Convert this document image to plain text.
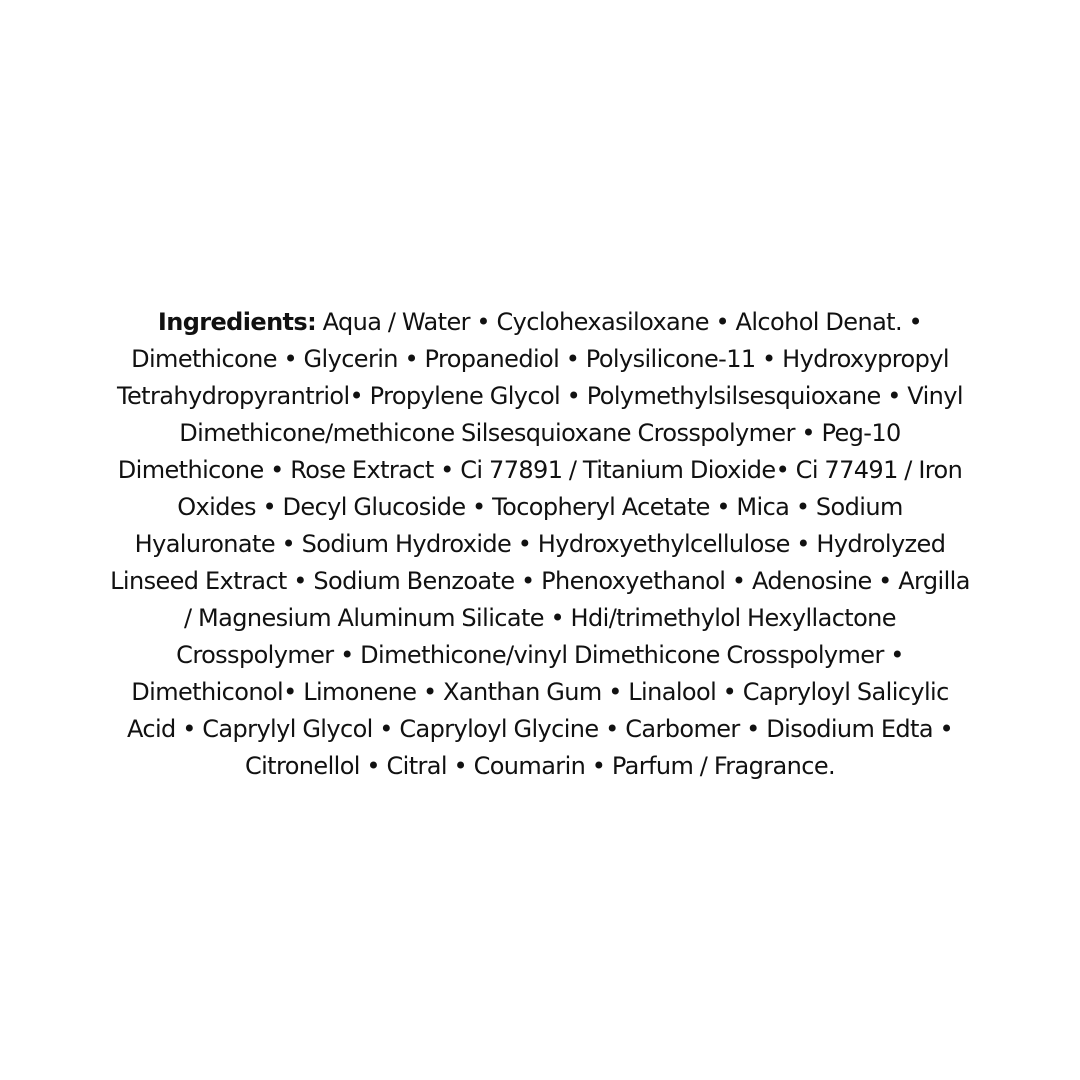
Ingredients: Aqua / Water • Cyclohexasiloxane • Alcohol Denat. • Dimethicone • Glycerin • Propanediol • Polysilicone-11 • Hydroxypropyl Tetrahydropyrantriol• Propylene Glycol • Polymethylsilsesquioxane • Vinyl Dimethicone/methicone Silsesquioxane Crosspolymer • Peg-10 Dimethicone • Rose Extract • Ci 77891 / Titanium Dioxide• Ci 77491 / Iron Oxides • Decyl Glucoside • Tocopheryl Acetate • Mica • Sodium Hyaluronate • Sodium Hydroxide • Hydroxyethylcellulose • Hydrolyzed Linseed Extract • Sodium Benzoate • Phenoxyethanol • Adenosine • Argilla / Magnesium Aluminum Silicate • Hdi/trimethylol Hexyllactone Crosspolymer • Dimethicone/vinyl Dimethicone Crosspolymer • Dimethiconol• Limonene • Xanthan Gum • Linalool • Capryloyl Salicylic Acid • Caprylyl Glycol • Capryloyl Glycine • Carbomer • Disodium Edta • Citronellol • Citral • Coumarin • Parfum / Fragrance.
